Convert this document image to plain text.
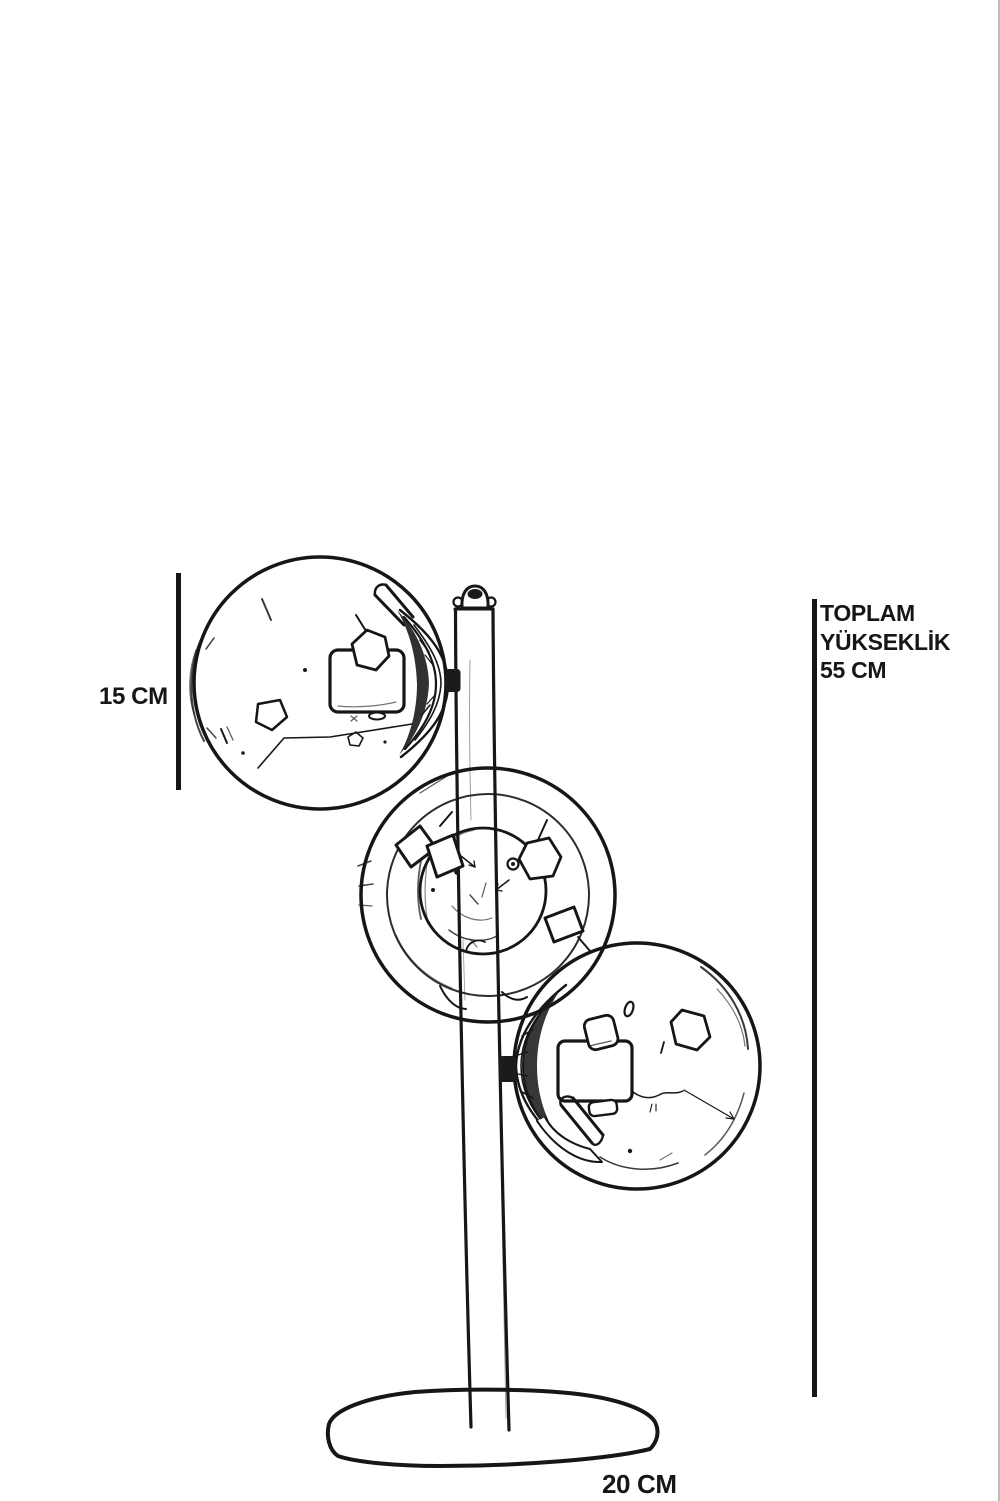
15 CM
TOPLAM
YÜKSEKLİK
55 CM
20 CM
